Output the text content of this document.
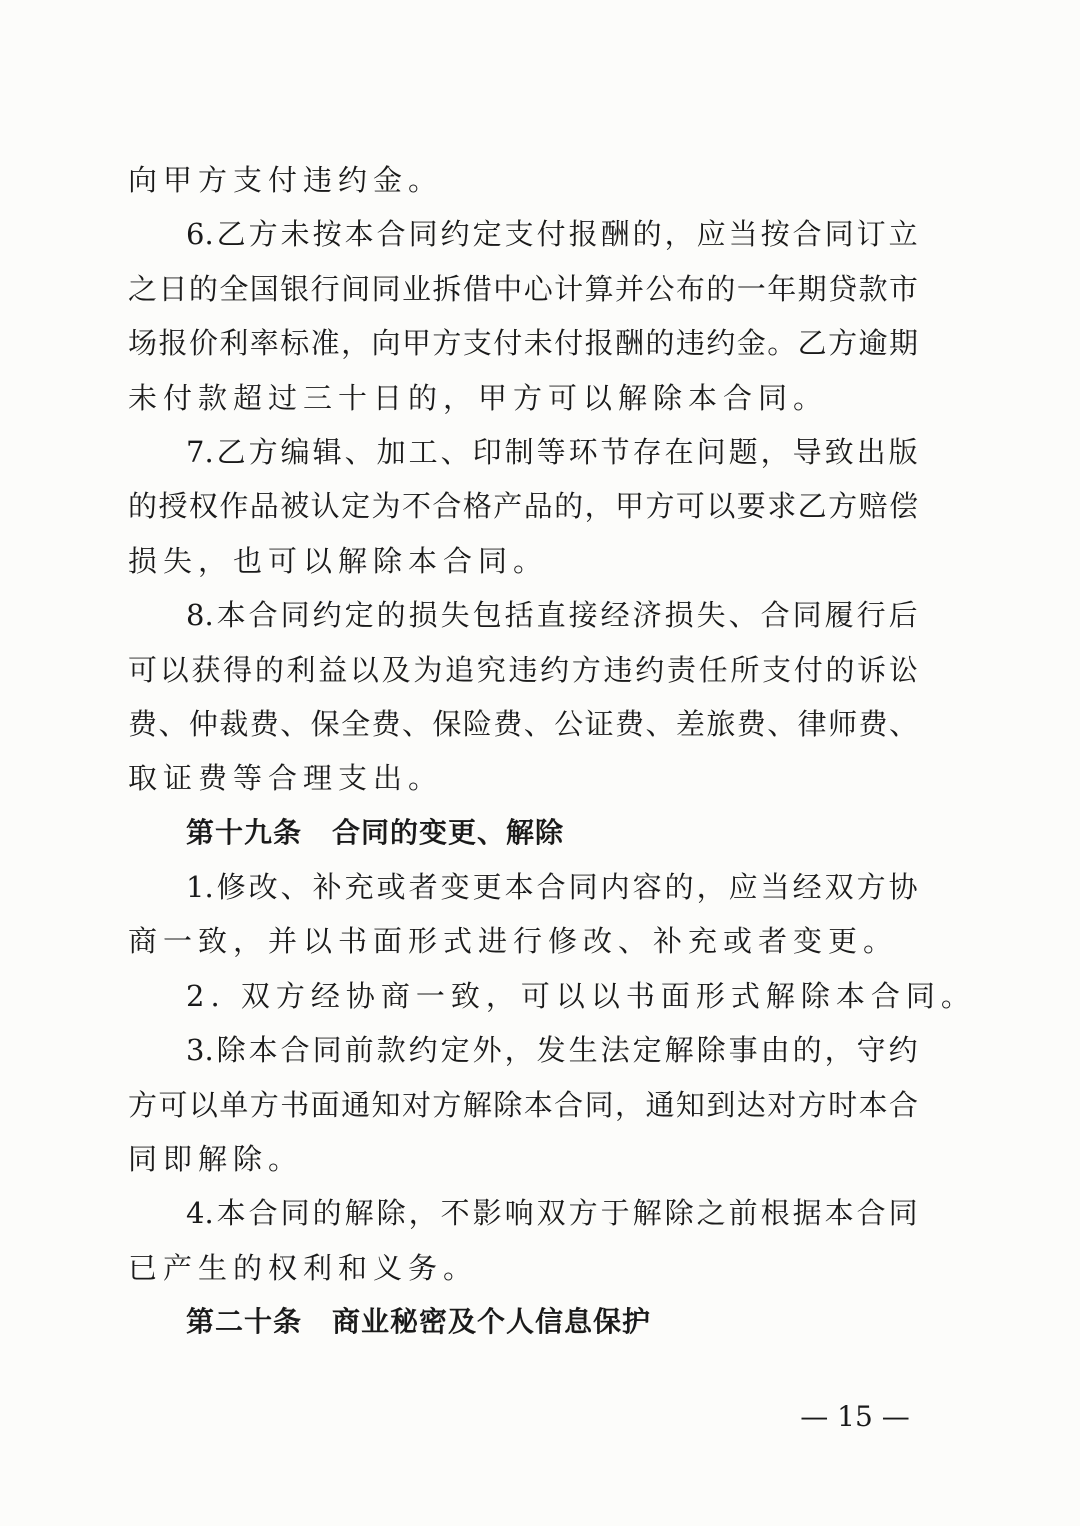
向甲方支付违约金。
6. 乙 方 未 按 本 合 同 约 定 支 付 报 酬 的 ， 应 当 按 合 同 订 立
之 日 的 全 国 银 行 间 同 业 拆 借 中 心 计 算 并 公 布 的 一 年 期 贷 款 市
场 报 价 利 率 标 准 ， 向 甲 方 支 付 未 付 报 酬 的 违 约 金 。 乙 方 逾 期
未付款超过三十日的，甲方可以解除本合同。
7. 乙 方 编 辑 、 加 工 、 印 制 等 环 节 存 在 问 题 ， 导 致 出 版
的 授 权 作 品 被 认 定 为 不 合 格 产 品 的 ， 甲 方 可 以 要 求 乙 方 赔 偿
损失，也可以解除本合同。
8. 本 合 同 约 定 的 损 失 包 括 直 接 经 济 损 失 、 合 同 履 行 后
可 以 获 得 的 利 益 以 及 为 追 究 违 约 方 违 约 责 任 所 支 付 的 诉 讼
费 、 仲 裁 费 、 保 全 费 、 保 险 费 、 公 证 费 、 差 旅 费 、 律 师 费 、
取证费等合理支出。
第十九条 合同的变更、解除
1. 修 改 、 补 充 或 者 变 更 本 合 同 内 容 的 ， 应 当 经 双 方 协
商一致，并以书面形式进行修改、补充或者变更。
2. 双方经协商一致，可以以书面形式解除本合同。
3. 除 本 合 同 前 款 约 定 外 ， 发 生 法 定 解 除 事 由 的 ， 守 约
方 可 以 单 方 书 面 通 知 对 方 解 除 本 合 同 ， 通 知 到 达 对 方 时 本 合
同即解除。
4. 本 合 同 的 解 除 ， 不 影 响 双 方 于 解 除 之 前 根 据 本 合 同
已产生的权利和义务。
第二十条 商业秘密及个人信息保护
— 15 —
